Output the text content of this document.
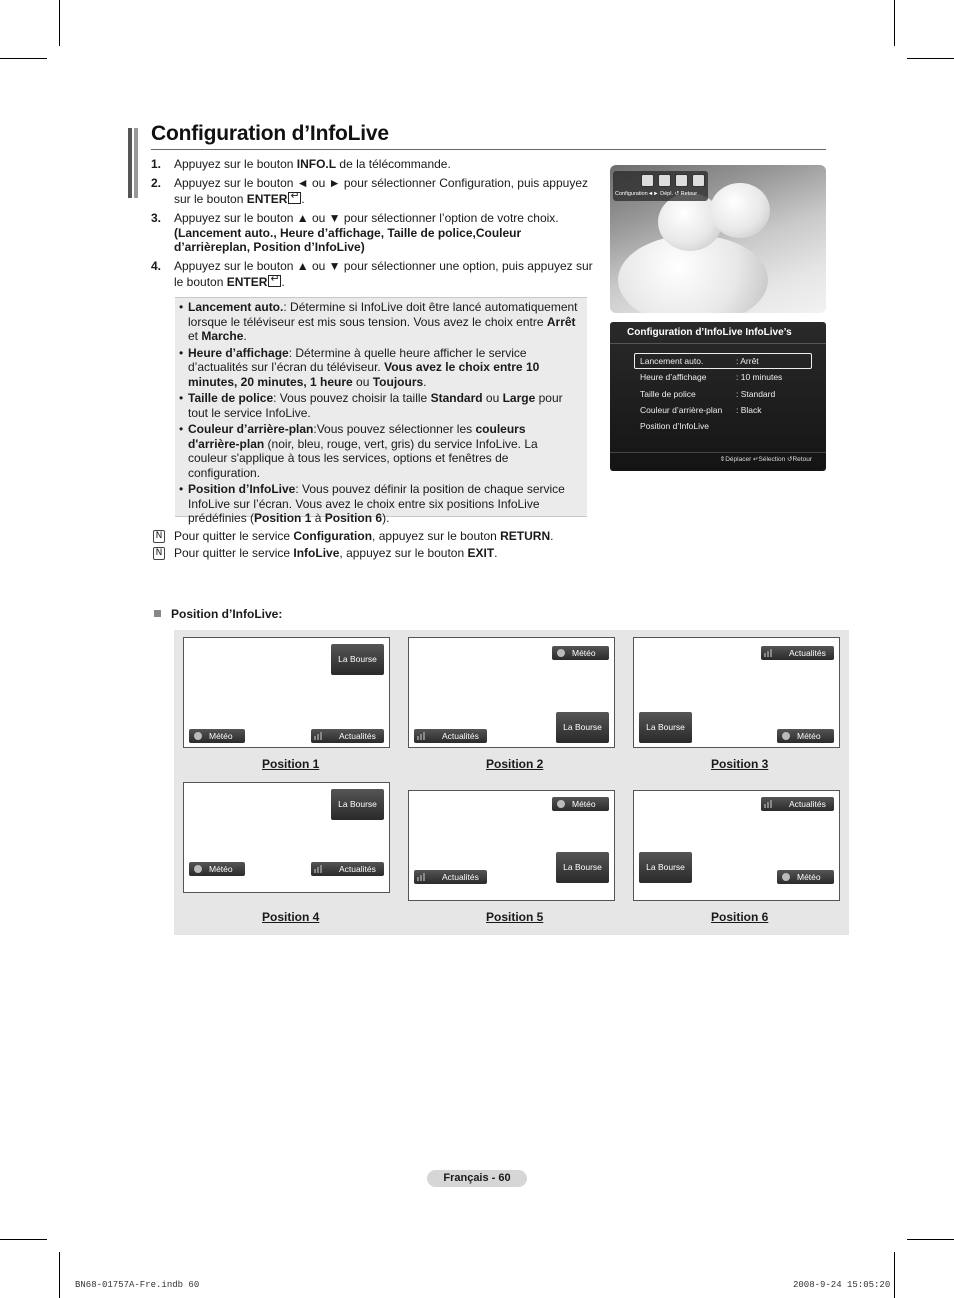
Configuration d’InfoLive
1. Appuyez sur le bouton INFO.L de la télécommande.
2. Appuyez sur le bouton ◄ ou ► pour sélectionner Configuration, puis appuyez sur le bouton ENTER ↵ .
3. Appuyez sur le bouton ▲ ou ▼ pour sélectionner l’option de votre choix. (Lancement auto., Heure d’affichage, Taille de police,Couleur d’arrièreplan, Position d’InfoLive)
4. Appuyez sur le bouton ▲ ou ▼ pour sélectionner une option, puis appuyez sur le bouton ENTER ↵ .
• Lancement auto.: Détermine si InfoLive doit être lancé automatiquement lorsque le téléviseur est mis sous tension. Vous avez le choix entre Arrêt et Marche.
• Heure d’affichage: Détermine à quelle heure afficher le service d’actualités sur l’écran du téléviseur. Vous avez le choix entre 10 minutes, 20 minutes, 1 heure ou Toujours.
• Taille de police: Vous pouvez choisir la taille Standard ou Large pour tout le service InfoLive.
• Couleur d’arrière-plan:Vous pouvez sélectionner les couleurs d'arrière-plan (noir, bleu, rouge, vert, gris) du service InfoLive. La couleur s'applique à tous les services, options et fenêtres de configuration.
• Position d’InfoLive: Vous pouvez définir la position de chaque service InfoLive sur l’écran. Vous avez le choix entre six positions InfoLive prédéfinies (Position 1 à Position 6).
N Pour quitter le service Configuration, appuyez sur le bouton RETURN.
N Pour quitter le service InfoLive, appuyez sur le bouton EXIT.
Configuration◄► Dépl. ↺ Retour
Configuration d’InfoLive InfoLive’s
Lancement auto.	: Arrêt
Heure d’affichage	: 10 minutes
Taille de police	: Standard
Couleur d’arrière-plan : Black
Position d’InfoLive
⇕Déplacer ↵Sélection ↺Retour
Position d’InfoLive:
La Bourse
Météo	Actualités
Position 1
Météo
La Bourse
Actualités
Position 2
Actualités
La Bourse
Météo
Position 3
La Bourse
Météo	Actualités
Position 4
Météo
La Bourse
Actualités
Position 5
Actualités
La Bourse
Météo
Position 6
Français - 60
BN68-01757A-Fre.indb 60	2008-9-24 15:05:20
